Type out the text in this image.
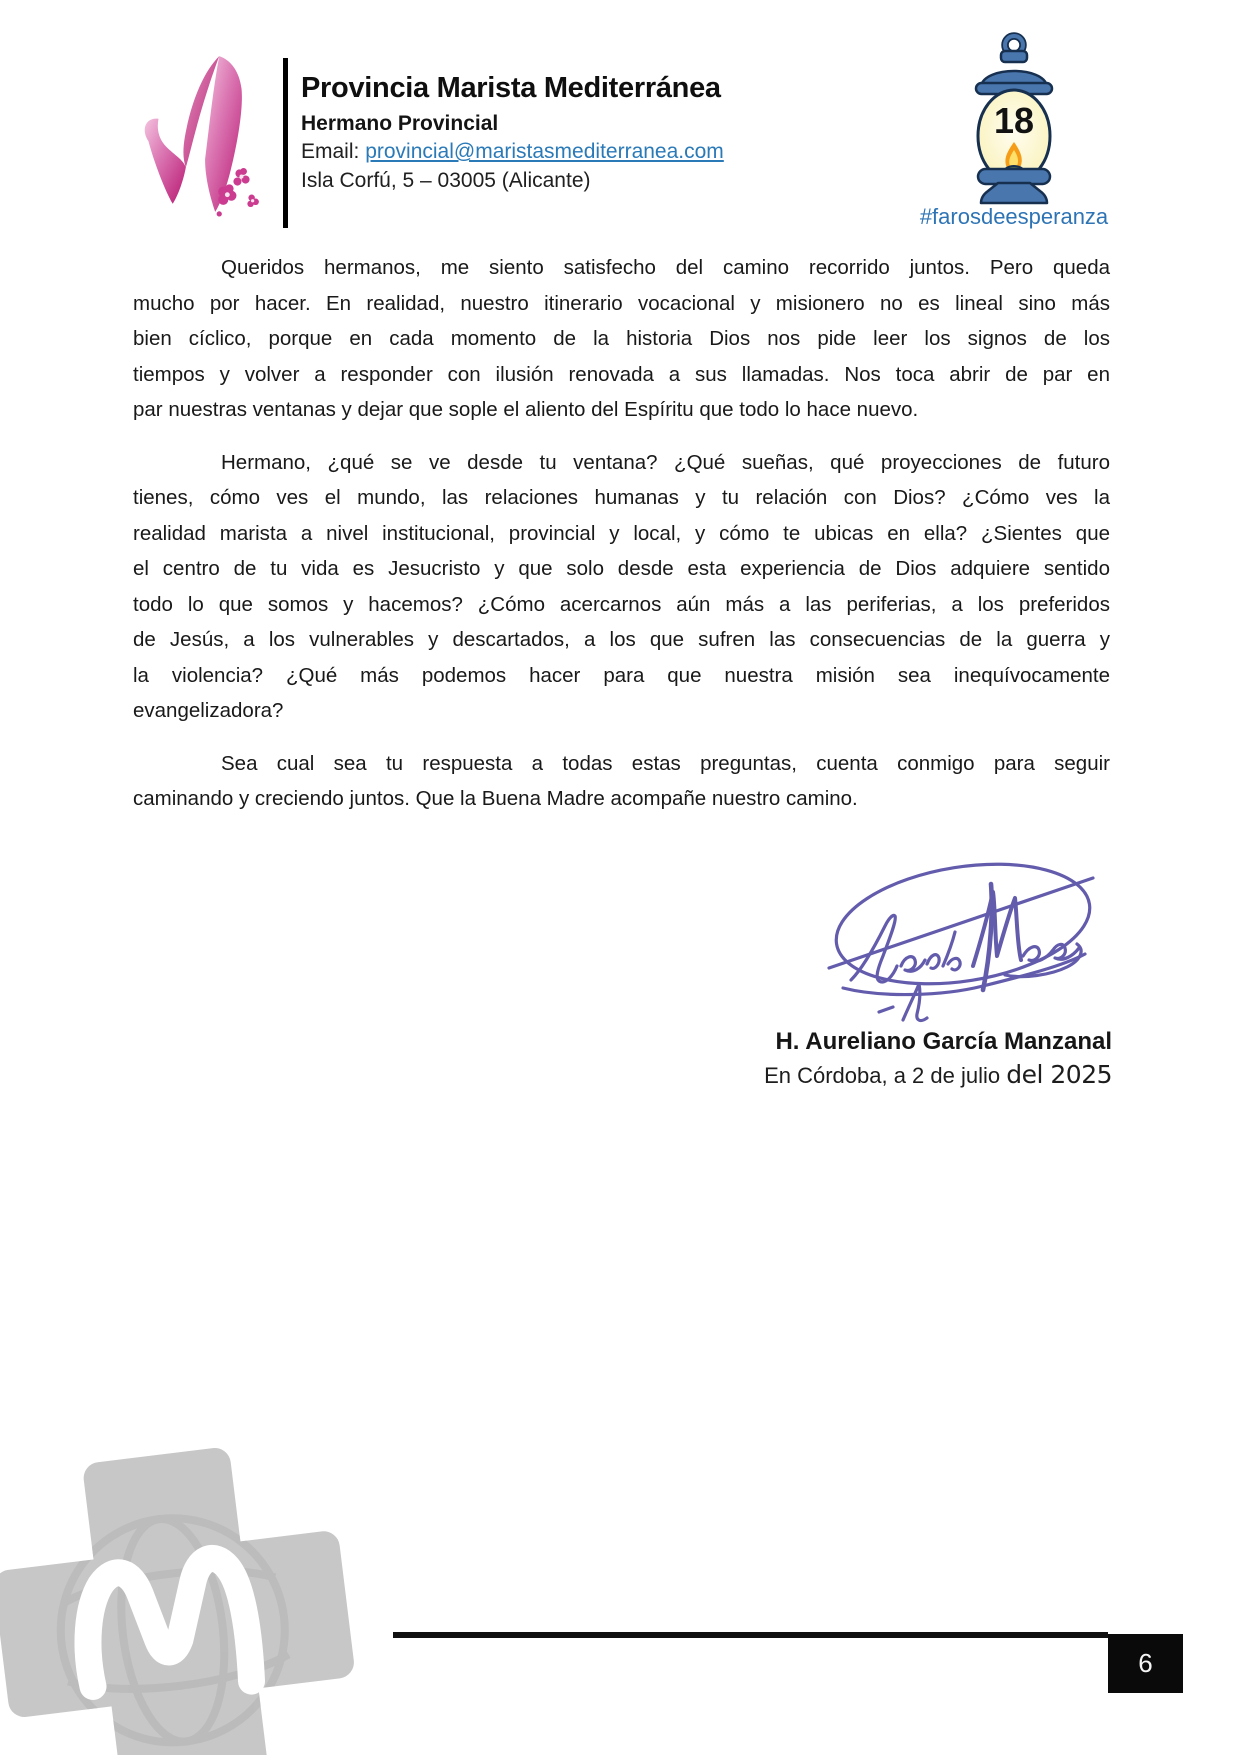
Provincia Marista Mediterránea
Hermano Provincial
Email: provincial@maristasmediterranea.com
Isla Corfú, 5 – 03005 (Alicante)
18
#farosdeesperanza
Queridos hermanos, me siento satisfecho del camino recorrido juntos. Pero queda
mucho por hacer. En realidad, nuestro itinerario vocacional y misionero no es lineal sino más
bien cíclico, porque en cada momento de la historia Dios nos pide leer los signos de los
tiempos y volver a responder con ilusión renovada a sus llamadas. Nos toca abrir de par en
par nuestras ventanas y dejar que sople el aliento del Espíritu que todo lo hace nuevo.
Hermano, ¿qué se ve desde tu ventana? ¿Qué sueñas, qué proyecciones de futuro
tienes, cómo ves el mundo, las relaciones humanas y tu relación con Dios? ¿Cómo ves la
realidad marista a nivel institucional, provincial y local, y cómo te ubicas en ella? ¿Sientes que
el centro de tu vida es Jesucristo y que solo desde esta experiencia de Dios adquiere sentido
todo lo que somos y hacemos? ¿Cómo acercarnos aún más a las periferias, a los preferidos
de Jesús, a los vulnerables y descartados, a los que sufren las consecuencias de la guerra y
la violencia? ¿Qué más podemos hacer para que nuestra misión sea inequívocamente
evangelizadora?
Sea cual sea tu respuesta a todas estas preguntas, cuenta conmigo para seguir
caminando y creciendo juntos. Que la Buena Madre acompañe nuestro camino.
H. Aureliano García Manzanal
En Córdoba, a 2 de julio del 2025
6
